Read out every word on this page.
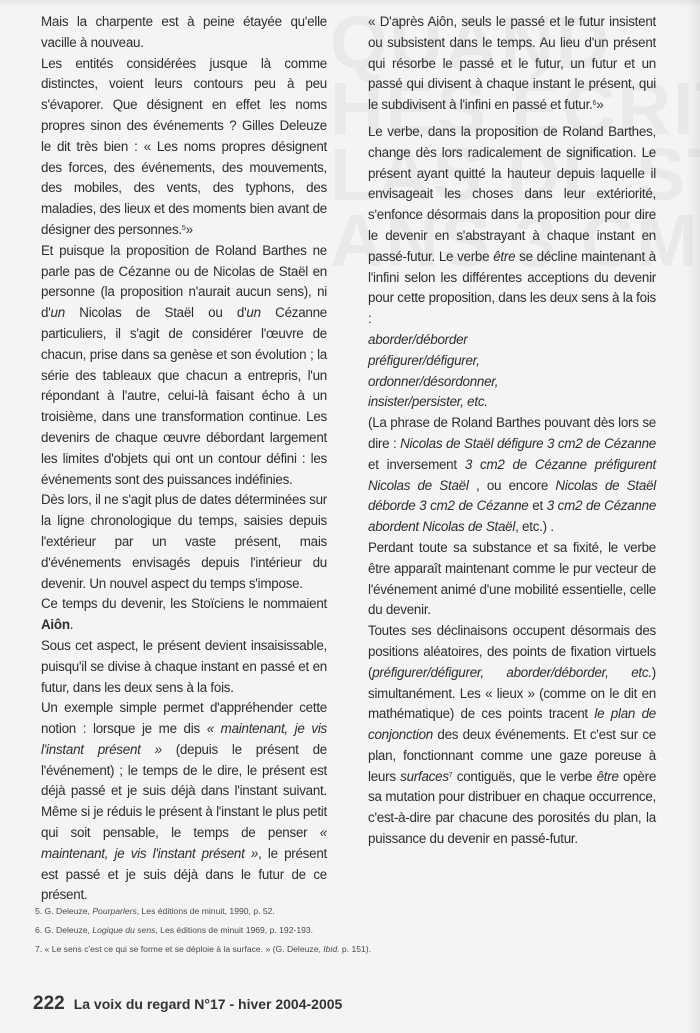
Mais la charpente est à peine étayée qu'elle vacille à nouveau.

Les entités considérées jusque là comme distinctes, voient leurs contours peu à peu s'évaporer. Que désignent en effet les noms propres sinon des événements ? Gilles Deleuze le dit très bien : « Les noms propres désignent des forces, des événements, des mouvements, des mobiles, des vents, des typhons, des maladies, des lieux et des moments bien avant de désigner des personnes.$^5$»

Et puisque la proposition de Roland Barthes ne parle pas de Cézanne ou de Nicolas de Staël en personne (la proposition n'aurait aucun sens), ni d'un Nicolas de Staël ou d'un Cézanne particuliers, il s'agit de considérer l'œuvre de chacun, prise dans sa genèse et son évolution ; la série des tableaux que chacun a entrepris, l'un répondant à l'autre, celui-là faisant écho à un troisième, dans une transformation continue. Les devenirs de chaque œuvre débordant largement les limites d'objets qui ont un contour défini : les événements sont des puissances indéfinies.

Dès lors, il ne s'agit plus de dates déterminées sur la ligne chronologique du temps, saisies depuis l'extérieur par un vaste présent, mais d'événements envisagés depuis l'intérieur du devenir. Un nouvel aspect du temps s'impose.

Ce temps du devenir, les Stoïciens le nommaient Aiôn.

Sous cet aspect, le présent devient insaisissable, puisqu'il se divise à chaque instant en passé et en futur, dans les deux sens à la fois.

Un exemple simple permet d'appréhender cette notion : lorsque je me dis « maintenant, je vis l'instant présent » (depuis le présent de l'événement) ; le temps de le dire, le présent est déjà passé et je suis déjà dans l'instant suivant. Même si je réduis le présent à l'instant le plus petit qui soit pensable, le temps de penser « maintenant, je vis l'instant présent », le présent est passé et je suis déjà dans le futur de ce présent.

« D'après Aiôn, seuls le passé et le futur insistent ou subsistent dans le temps. Au lieu d'un présent qui résorbe le passé et le futur, un futur et un passé qui divisent à chaque instant le présent, qui le subdivisent à l'infini en passé et futur.$^6$»

Le verbe, dans la proposition de Roland Barthes, change dès lors radicalement de signification. Le présent ayant quitté la hauteur depuis laquelle il envisageait les choses dans leur extériorité, s'enfonce désormais dans la proposition pour dire le devenir en s'abstrayant à chaque instant en passé-futur. Le verbe être se décline maintenant à l'infini selon les différentes acceptions du devenir pour cette proposition, dans les deux sens à la fois :

aborder/déborder

préfigurer/défigurer,

ordonner/désordonner,

insister/persister, etc.

(La phrase de Roland Barthes pouvant dès lors se dire : Nicolas de Staël défigure 3 cm2 de Cézanne et inversement 3 cm2 de Cézanne préfigurent Nicolas de Staël , ou encore Nicolas de Staël déborde 3 cm2 de Cézanne et 3 cm2 de Cézanne abordent Nicolas de Staël, etc.) .

Perdant toute sa substance et sa fixité, le verbe être apparaît maintenant comme le pur vecteur de l'événement animé d'une mobilité essentielle, celle du devenir.

Toutes ses déclinaisons occupent désormais des positions aléatoires, des points de fixation virtuels (préfigurer/défigurer, aborder/déborder, etc.) simultanément. Les « lieux » (comme on le dit en mathématique) de ces points tracent le plan de conjonction des deux événements. Et c'est sur ce plan, fonctionnant comme une gaze poreuse à leurs surfaces$^7$ contiguës, que le verbe être opère sa mutation pour distribuer en chaque occurrence, c'est-à-dire par chacune des porosités du plan, la puissance du devenir en passé-futur.

5. G. Deleuze, Pourparlers, Les éditions de minuit, 1990, p. 52.
6. G. Deleuze, Logique du sens, Les éditions de minuit 1969, p. 192-193.
7. « Le sens c'est ce qui se forme et se déploie à la surface. » (G. Deleuze, Ibid. p. 151).
222 La voix du regard N°17 - hiver 2004-2005
